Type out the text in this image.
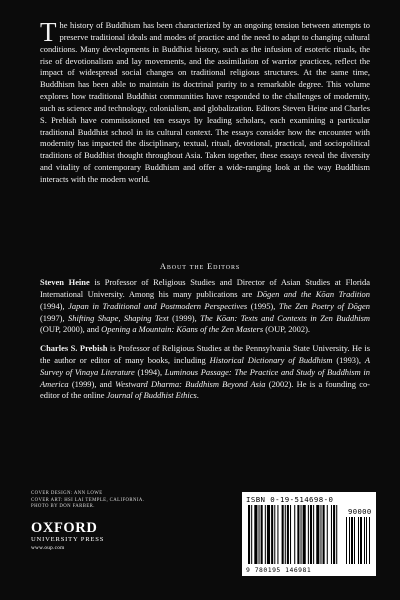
The history of Buddhism has been characterized by an ongoing tension between attempts to preserve traditional ideals and modes of practice and the need to adapt to changing cultural conditions. Many developments in Buddhist history, such as the infusion of esoteric rituals, the rise of devotionalism and lay movements, and the assimilation of warrior practices, reflect the impact of widespread social changes on traditional religious structures. At the same time, Buddhism has been able to maintain its doctrinal purity to a remarkable degree. This volume explores how traditional Buddhist communities have responded to the challenges of modernity, such as science and technology, colonialism, and globalization. Editors Steven Heine and Charles S. Prebish have commissioned ten essays by leading scholars, each examining a particular traditional Buddhist school in its cultural context. The essays consider how the encounter with modernity has impacted the disciplinary, textual, ritual, devotional, practical, and sociopolitical traditions of Buddhist thought throughout Asia. Taken together, these essays reveal the diversity and vitality of contemporary Buddhism and offer a wide-ranging look at the way Buddhism interacts with the modern world.

About the Editors

Steven Heine is Professor of Religious Studies and Director of Asian Studies at Florida International University. Among his many publications are Dōgen and the Kōan Tradition (1994), Japan in Traditional and Postmodern Perspectives (1995), The Zen Poetry of Dōgen (1997), Shifting Shape, Shaping Text (1999), The Kōan: Texts and Contexts in Zen Buddhism (OUP, 2000), and Opening a Mountain: Kōans of the Zen Masters (OUP, 2002).

Charles S. Prebish is Professor of Religious Studies at the Pennsylvania State University. He is the author or editor of many books, including Historical Dictionary of Buddhism (1993), A Survey of Vinaya Literature (1994), Luminous Passage: The Practice and Study of Buddhism in America (1999), and Westward Dharma: Buddhism Beyond Asia (2002). He is a founding co-editor of the online Journal of Buddhist Ethics.

COVER DESIGN: ANN LOWE
COVER ART: HSI LAI TEMPLE, CALIFORNIA.
PHOTO BY DON FARBER.
OXFORD
UNIVERSITY PRESS
www.oup.com
ISBN 0-19-514698-0
90000
9 780195 146981
